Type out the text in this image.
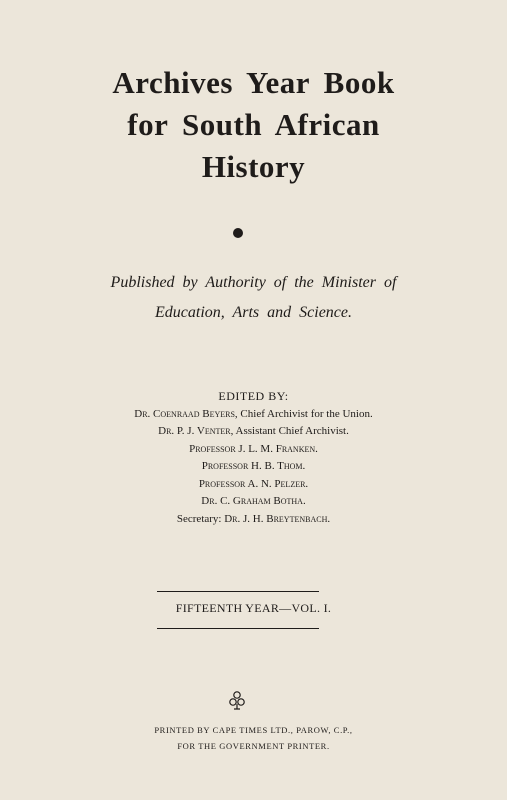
Archives Year Book
for South African
History
Published by Authority of the Minister of
Education, Arts and Science.
EDITED BY:
Dr. Coenraad Beyers, Chief Archivist for the Union.
Dr. P. J. Venter, Assistant Chief Archivist.
Professor J. L. M. Franken.
Professor H. B. Thom.
Professor A. N. Pelzer.
Dr. C. Graham Botha.
Secretary: Dr. J. H. Breytenbach.
FIFTEENTH YEAR—VOL. I.
PRINTED BY CAPE TIMES LTD., PAROW, C.P.,
FOR THE GOVERNMENT PRINTER.
